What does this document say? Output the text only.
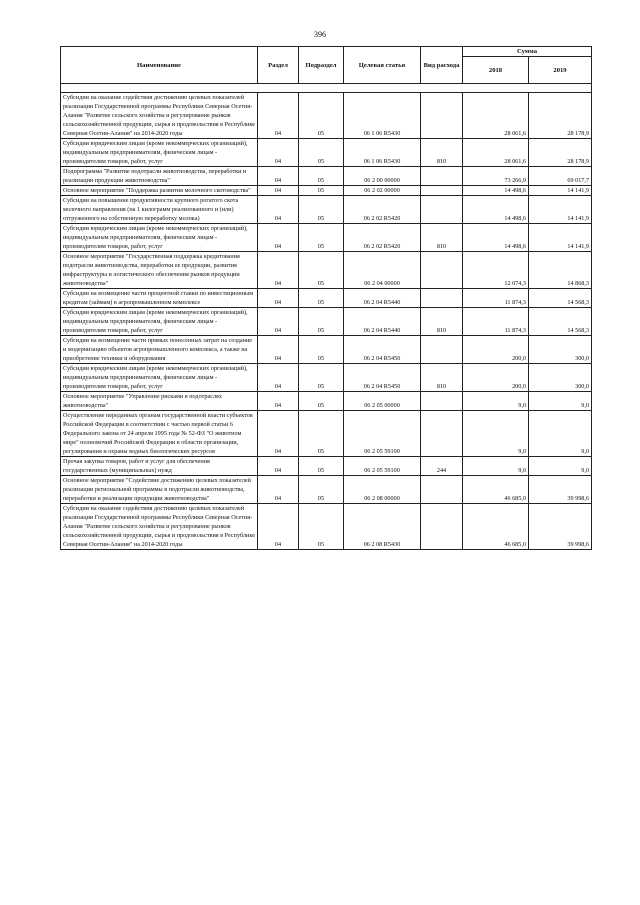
396
Наименование	Раздел	Подраздел	Целевая статья	Вид расхода	Сумма	
					2018	2019

Субсидии на оказание содействия достижению целевых показателей реализации Государственной программы Республики Северная Осетия-Алания "Развитие сельского хозяйства и регулирование рынков сельскохозяйственной продукции, сырья и продовольствия в Республике Северная Осетия-Алания" на 2014-2020 годы	04	05	06 1 06 R5430		28 061,6	28 178,9
Субсидии юридическим лицам (кроме некоммерческих организаций), индивидуальным предпринимателям, физическим лицам - производителям товаров, работ, услуг	04	05	06 1 06 R5430	810	28 061,6	28 178,9
Подпрограмма "Развитие подотрасли животноводства, переработки и реализации продукции животноводства"	04	05	06 2 00 00000		73 266,9	69 017,7
Основное мероприятие "Поддержка развития молочного скотоводства"	04	05	06 2 02 00000		14 498,6	14 141,9
Субсидии на повышение продуктивности крупного рогатого скота молочного направления (на 1 килограмм реализованного и (или) отгруженного на собственную переработку молока)	04	05	06 2 02 R5420		14 498,6	14 141,9
Субсидии юридическим лицам (кроме некоммерческих организаций), индивидуальным предпринимателям, физическим лицам - производителям товаров, работ, услуг	04	05	06 2 02 R5420	810	14 498,6	14 141,9
Основное мероприятие "Государственная поддержка кредитования подотрасли животноводства, переработки ее продукции, развития инфраструктуры и логистического обеспечения рынков продукции животноводства"	04	05	06 2 04 00000		12 074,3	14 868,3
Субсидии на возмещение части процентной ставки по инвестиционным кредитам (займам) в агропромышленном комплексе	04	05	06 2 04 R5440		11 874,3	14 568,3
Субсидии юридическим лицам (кроме некоммерческих организаций), индивидуальным предпринимателям, физическим лицам - производителям товаров, работ, услуг	04	05	06 2 04 R5440	810	11 874,3	14 568,3
Субсидии на возмещение части прямых понесенных затрат на создание и модернизацию объектов агропромышленного комплекса, а также на приобретение техники и оборудования	04	05	06 2 04 R5450		200,0	300,0
Субсидии юридическим лицам (кроме некоммерческих организаций), индивидуальным предпринимателям, физическим лицам - производителям товаров, работ, услуг	04	05	06 2 04 R5450	810	200,0	300,0
Основное мероприятие "Управление рисками в подотраслях животноводства"	04	05	06 2 05 00000		9,0	9,0
Осуществление переданных органам государственной власти субъектов Российской Федерации в соответствии с частью первой статьи 6 Федерального закона от 24 апреля 1995 года № 52-ФЗ "О животном мире" полномочий Российской Федерации в области организации, регулирования и охраны водных биологических ресурсов	04	05	06 2 05 59100		9,0	9,0
Прочая закупка товаров, работ и услуг для обеспечения государственных (муниципальных) нужд	04	05	06 2 05 59100	244	9,0	9,0
Основное мероприятие "Содействие достижению целевых показателей реализации региональной программы в подотрасли животноводства, переработки и реализации продукции животноводства"	04	05	06 2 08 00000		46 685,0	39 998,6
Субсидии на оказание содействия достижению целевых показателей реализации Государственной программы Республики Северная Осетия-Алания "Развитие сельского хозяйства и регулирование рынков сельскохозяйственной продукции, сырья и продовольствия в Республике Северная Осетия-Алания" на 2014-2020 годы	04	05	06 2 08 R5430		46 685,0	39 998,6
